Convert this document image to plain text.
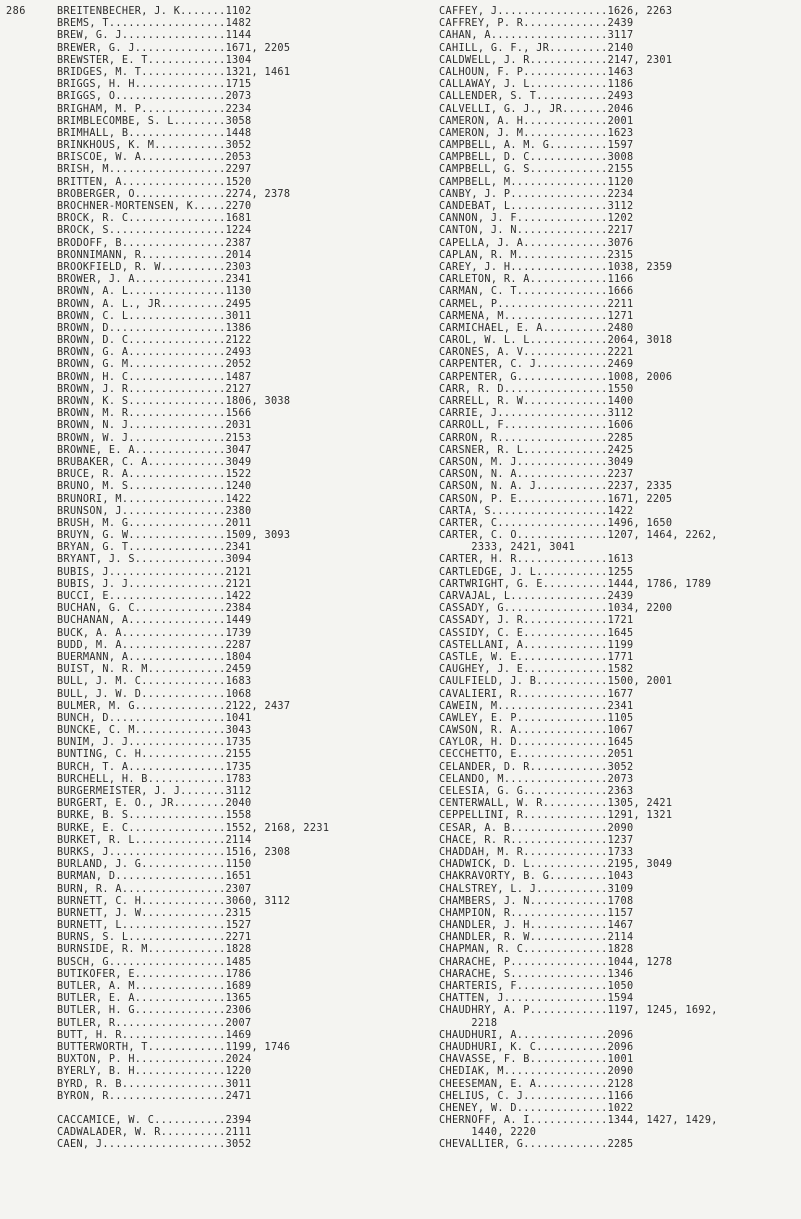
286	BREITENBECHER, J. K.......1102
BREMS, T..................1482
BREW, G. J................1144
BREWER, G. J..............1671, 2205
BREWSTER, E. T............1304
BRIDGES, M. T.............1321, 1461
BRIGGS, H. H..............1715
BRIGGS, O.................2073
BRIGHAM, M. P.............2234
BRIMBLECOMBE, S. L........3058
BRIMHALL, B...............1448
BRINKHOUS, K. M...........3052
BRISCOE, W. A.............2053
BRISH, M..................2297
BRITTEN, A................1520
BROBERGER, O..............2274, 2378
BROCHNER-MORTENSEN, K.....2270
BROCK, R. C...............1681
BROCK, S..................1224
BRODOFF, B................2387
BRONNIMANN, R.............2014
BROOKFIELD, R. W..........2303
BROWER, J. A..............2341
BROWN, A. L...............1130
BROWN, A. L., JR..........2495
BROWN, C. L...............3011
BROWN, D..................1386
BROWN, D. C...............2122
BROWN, G. A...............2493
BROWN, G. M...............2052
BROWN, H. C...............1487
BROWN, J. R...............2127
BROWN, K. S...............1806, 3038
BROWN, M. R...............1566
BROWN, N. J...............2031
BROWN, W. J...............2153
BROWNE, E. A..............3047
BRUBAKER, C. A............3049
BRUCE, R. A...............1522
BRUNO, M. S...............1240
BRUNORI, M................1422
BRUNSON, J................2380
BRUSH, M. G...............2011
BRUYN, G. W...............1509, 3093
BRYAN, G. T...............2341
BRYANT, J. S..............3094
BUBIS, J..................2121
BUBIS, J. J...............2121
BUCCI, E..................1422
BUCHAN, G. C..............2384
BUCHANAN, A...............1449
BUCK, A. A................1739
BUDD, M. A................2287
BUERMANN, A...............1804
BUIST, N. R. M............2459
BULL, J. M. C.............1683
BULL, J. W. D.............1068
BULMER, M. G..............2122, 2437
BUNCH, D..................1041
BUNCKE, C. M..............3043
BUNIM, J. J...............1735
BUNTING, C. H.............2155
BURCH, T. A...............1735
BURCHELL, H. B............1783
BURGERMEISTER, J. J.......3112
BURGERT, E. O., JR........2040
BURKE, B. S...............1558
BURKE, E. C...............1552, 2168, 2231
BURKET, R. L..............2114
BURKS, J..................1516, 2308
BURLAND, J. G.............1150
BURMAN, D.................1651
BURN, R. A................2307
BURNETT, C. H.............3060, 3112
BURNETT, J. W.............2315
BURNETT, L................1527
BURNS, S. L...............2271
BURNSIDE, R. M............1828
BUSCH, G..................1485
BUTIKOFER, E..............1786
BUTLER, A. M..............1689
BUTLER, E. A..............1365
BUTLER, H. G..............2306
BUTLER, R.................2007
BUTT, H. R................1469
BUTTERWORTH, T............1199, 1746
BUXTON, P. H..............2024
BYERLY, B. H..............1220
BYRD, R. B................3011
BYRON, R..................2471
CACCAMICE, W. C...........2394
CADWALADER, W. R..........2111
CAEN, J...................3052
CAFFEY, J.................1626, 2263
CAFFREY, P. R.............2439
CAHAN, A..................3117
CAHILL, G. F., JR.........2140
CALDWELL, J. R............2147, 2301
CALHOUN, F. P.............1463
CALLAWAY, J. L............1186
CALLENDER, S. T...........2493
CALVELLI, G. J., JR.......2046
CAMERON, A. H.............2001
CAMERON, J. M.............1623
CAMPBELL, A. M. G.........1597
CAMPBELL, D. C............3008
CAMPBELL, G. S............2155
CAMPBELL, M...............1120
CANBY, J. P...............2234
CANDEBAT, L...............3112
CANNON, J. F..............1202
CANTON, J. N..............2217
CAPELLA, J. A.............3076
CAPLAN, R. M..............2315
CAREY, J. H...............1038, 2359
CARLETON, R. A............1166
CARMAN, C. T..............1666
CARMEL, P.................2211
CARMENA, M................1271
CARMICHAEL, E. A..........2480
CAROL, W. L. L............2064, 3018
CARONES, A. V.............2221
CARPENTER, C. J...........2469
CARPENTER, G..............1008, 2006
CARR, R. D................1550
CARRELL, R. W.............1400
CARRIE, J.................3112
CARROLL, F................1606
CARRON, R.................2285
CARSNER, R. L.............2425
CARSON, M. J..............3049
CARSON, N. A..............2237
CARSON, N. A. J...........2237, 2335
CARSON, P. E..............1671, 2205
CARTA, S..................1422
CARTER, C.................1496, 1650
CARTER, C. O..............1207, 1464, 2262,
2333, 2421, 3041
CARTER, H. R..............1613
CARTLEDGE, J. L...........1255
CARTWRIGHT, G. E..........1444, 1786, 1789
CARVAJAL, L...............2439
CASSADY, G................1034, 2200
CASSADY, J. R.............1721
CASSIDY, C. E.............1645
CASTELLANI, A.............1199
CASTLE, W. E..............1771
CAUGHEY, J. E.............1582
CAULFIELD, J. B...........1500, 2001
CAVALIERI, R..............1677
CAWEIN, M.................2341
CAWLEY, E. P..............1105
CAWSON, R. A..............1067
CAYLOR, H. D..............1645
CECCHETTO, E..............2051
CELANDER, D. R............3052
CELANDO, M................2073
CELESIA, G. G.............2363
CENTERWALL, W. R..........1305, 2421
CEPPELLINI, R.............1291, 1321
CESAR, A. B...............2090
CHACE, R. R...............1237
CHADDAH, M. R.............1733
CHADWICK, D. L............2195, 3049
CHAKRAVORTY, B. G.........1043
CHALSTREY, L. J...........3109
CHAMBERS, J. N............1708
CHAMPION, R...............1157
CHANDLER, J. H............1467
CHANDLER, R. W............2114
CHAPMAN, R. C.............1828
CHARACHE, P...............1044, 1278
CHARACHE, S...............1346
CHARTERIS, F..............1050
CHATTEN, J................1594
CHAUDHRY, A. P............1197, 1245, 1692,
2218
CHAUDHURI, A..............2096
CHAUDHURI, K. C...........2096
CHAVASSE, F. B............1001
CHEDIAK, M................2090
CHEESEMAN, E. A...........2128
CHELIUS, C. J.............1166
CHENEY, W. D..............1022
CHERNOFF, A. I............1344, 1427, 1429,
1440, 2220
CHEVALLIER, G.............2285
